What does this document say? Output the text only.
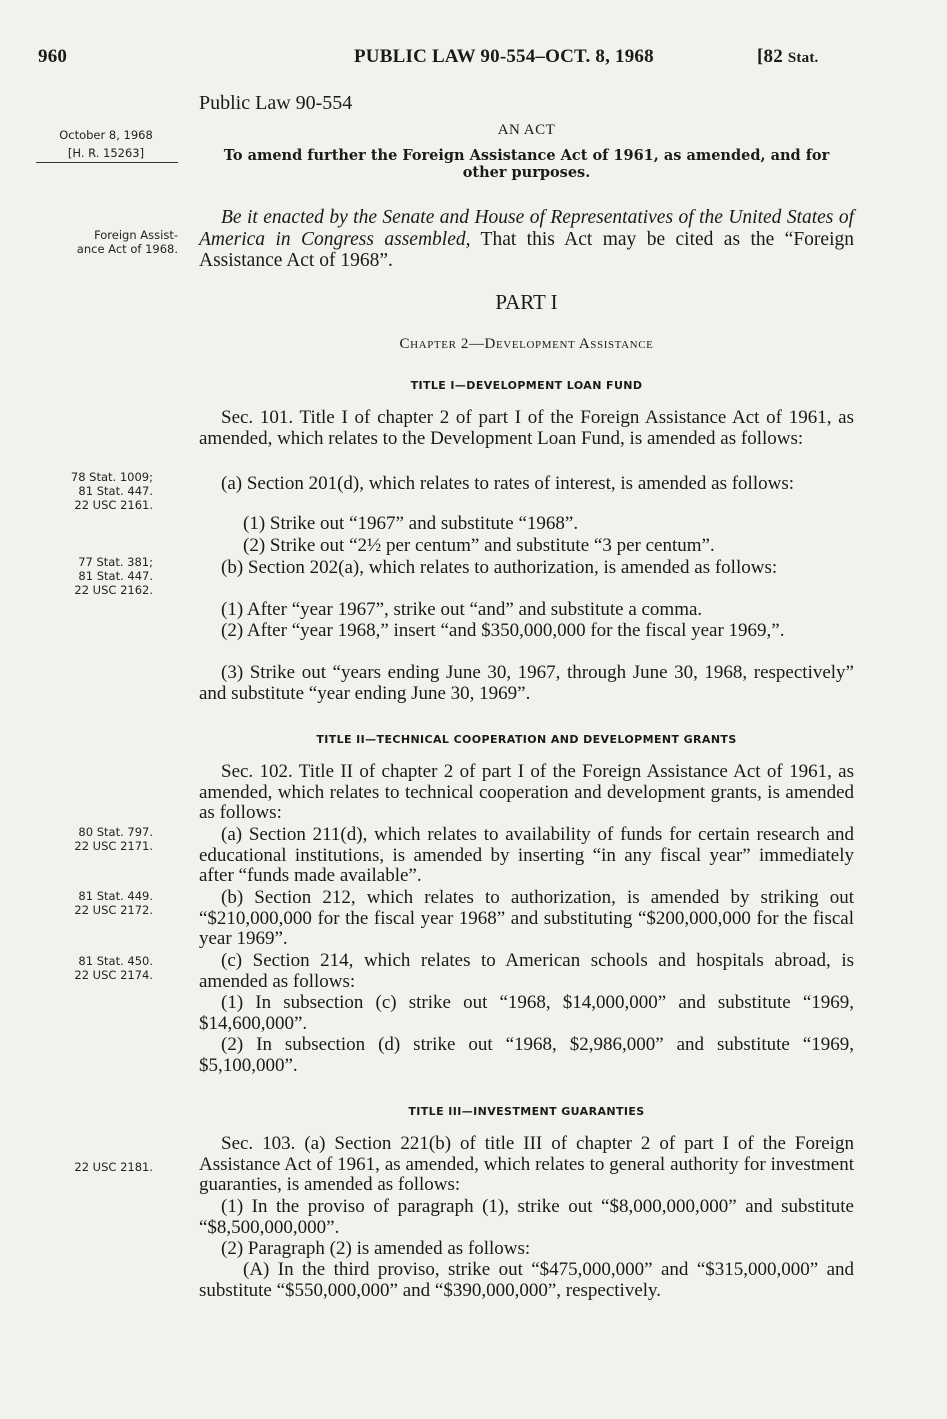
960	PUBLIC LAW 90-554–OCT. 8, 1968	[82 Stat.
Public Law 90-554
AN ACT
To amend further the Foreign Assistance Act of 1961, as amended, and for other purposes.
October 8, 1968
[H. R. 15263]
Foreign Assist-
ance Act of 1968.
78 Stat. 1009;
81 Stat. 447.
22 USC 2161.
77 Stat. 381;
81 Stat. 447.
22 USC 2162.
80 Stat. 797.
22 USC 2171.
81 Stat. 449.
22 USC 2172.
81 Stat. 450.
22 USC 2174.
22 USC 2181.
Be it enacted by the Senate and House of Representatives of the United States of America in Congress assembled, That this Act may be cited as the “Foreign Assistance Act of 1968”.
PART I
Chapter 2—Development Assistance
TITLE I—DEVELOPMENT LOAN FUND
Sec. 101. Title I of chapter 2 of part I of the Foreign Assistance Act of 1961, as amended, which relates to the Development Loan Fund, is amended as follows:
(a) Section 201(d), which relates to rates of interest, is amended as follows:
(1) Strike out “1967” and substitute “1968”.
(2) Strike out “2½ per centum” and substitute “3 per centum”.
(b) Section 202(a), which relates to authorization, is amended as follows:
(1) After “year 1967”, strike out “and” and substitute a comma.
(2) After “year 1968,” insert “and $350,000,000 for the fiscal year 1969,”.
(3) Strike out “years ending June 30, 1967, through June 30, 1968, respectively” and substitute “year ending June 30, 1969”.
TITLE II—TECHNICAL COOPERATION AND DEVELOPMENT GRANTS
Sec. 102. Title II of chapter 2 of part I of the Foreign Assistance Act of 1961, as amended, which relates to technical cooperation and development grants, is amended as follows:
(a) Section 211(d), which relates to availability of funds for certain research and educational institutions, is amended by inserting “in any fiscal year” immediately after “funds made available”.
(b) Section 212, which relates to authorization, is amended by striking out “$210,000,000 for the fiscal year 1968” and substituting “$200,000,000 for the fiscal year 1969”.
(c) Section 214, which relates to American schools and hospitals abroad, is amended as follows:
(1) In subsection (c) strike out “1968, $14,000,000” and substitute “1969, $14,600,000”.
(2) In subsection (d) strike out “1968, $2,986,000” and substitute “1969, $5,100,000”.
TITLE III—INVESTMENT GUARANTIES
Sec. 103. (a) Section 221(b) of title III of chapter 2 of part I of the Foreign Assistance Act of 1961, as amended, which relates to general authority for investment guaranties, is amended as follows:
(1) In the proviso of paragraph (1), strike out “$8,000,000,000” and substitute “$8,500,000,000”.
(2) Paragraph (2) is amended as follows:
(A) In the third proviso, strike out “$475,000,000” and “$315,000,000” and substitute “$550,000,000” and “$390,000,000”, respectively.
